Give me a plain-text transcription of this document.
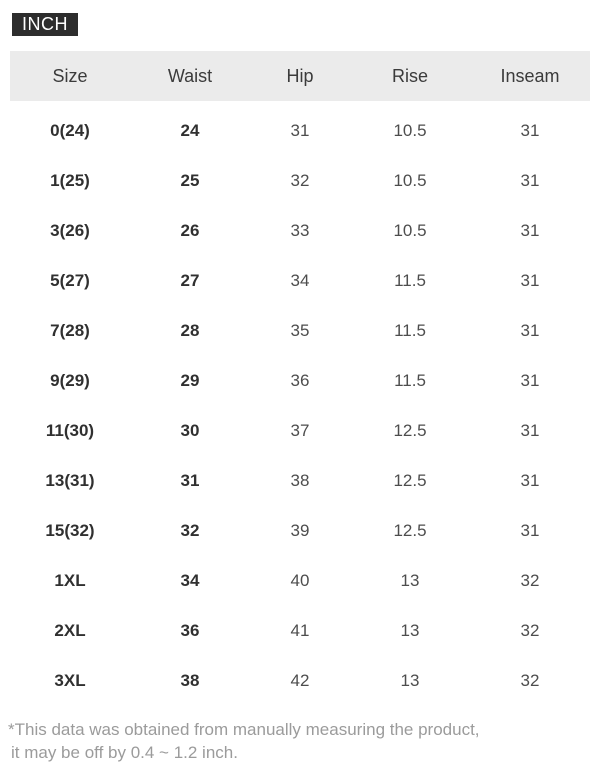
INCH
Size	Waist	Hip	Rise	Inseam
0(24)	24	31	10.5	31
1(25)	25	32	10.5	31
3(26)	26	33	10.5	31
5(27)	27	34	11.5	31
7(28)	28	35	11.5	31
9(29)	29	36	11.5	31
11(30)	30	37	12.5	31
13(31)	31	38	12.5	31
15(32)	32	39	12.5	31
1XL	34	40	13	32
2XL	36	41	13	32
3XL	38	42	13	32
*This data was obtained from manually measuring the product,
it may be off by 0.4 ~ 1.2 inch.
